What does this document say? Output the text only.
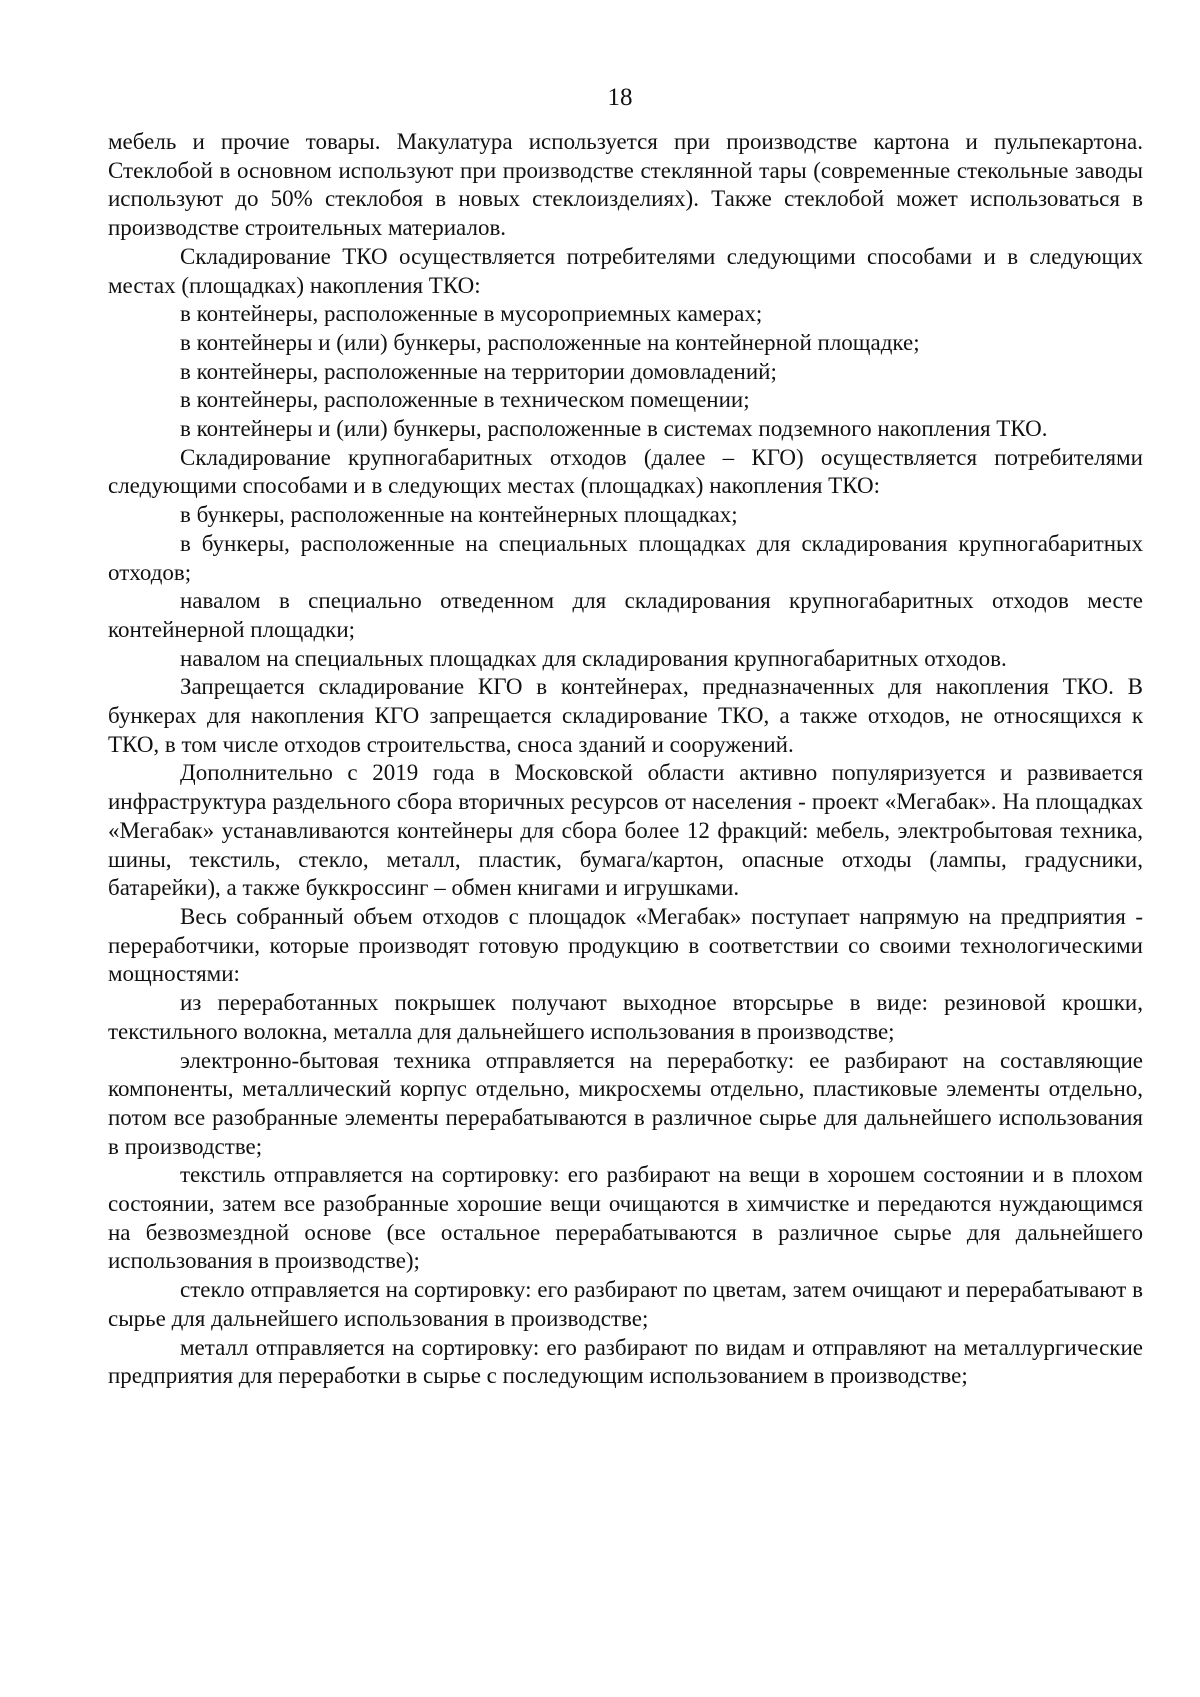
18

мебель и прочие товары. Макулатура используется при производстве картона и пульпекартона. Стеклобой в основном используют при производстве стеклянной тары (современные стекольные заводы используют до 50% стеклобоя в новых стеклоизделиях). Также стеклобой может использоваться в производстве строительных материалов.

Складирование ТКО осуществляется потребителями следующими способами и в следующих местах (площадках) накопления ТКО:

в контейнеры, расположенные в мусороприемных камерах;

в контейнеры и (или) бункеры, расположенные на контейнерной площадке;

в контейнеры, расположенные на территории домовладений;

в контейнеры, расположенные в техническом помещении;

в контейнеры и (или) бункеры, расположенные в системах подземного накопления ТКО.

Складирование крупногабаритных отходов (далее – КГО) осуществляется потребителями следующими способами и в следующих местах (площадках) накопления ТКО:

в бункеры, расположенные на контейнерных площадках;

в бункеры, расположенные на специальных площадках для складирования крупногабаритных отходов;

навалом в специально отведенном для складирования крупногабаритных отходов месте контейнерной площадки;

навалом на специальных площадках для складирования крупногабаритных отходов.

Запрещается складирование КГО в контейнерах, предназначенных для накопления ТКО. В бункерах для накопления КГО запрещается складирование ТКО, а также отходов, не относящихся к ТКО, в том числе отходов строительства, сноса зданий и сооружений.

Дополнительно с 2019 года в Московской области активно популяризуется и развивается инфраструктура раздельного сбора вторичных ресурсов от населения - проект «Мегабак». На площадках «Мегабак» устанавливаются контейнеры для сбора более 12 фракций: мебель, электробытовая техника, шины, текстиль, стекло, металл, пластик, бумага/картон, опасные отходы (лампы, градусники, батарейки), а также буккроссинг – обмен книгами и игрушками.

Весь собранный объем отходов с площадок «Мегабак» поступает напрямую на предприятия - переработчики, которые производят готовую продукцию в соответствии со своими технологическими мощностями:

из переработанных покрышек получают выходное вторсырье в виде: резиновой крошки, текстильного волокна, металла для дальнейшего использования в производстве;

электронно-бытовая техника отправляется на переработку: ее разбирают на составляющие компоненты, металлический корпус отдельно, микросхемы отдельно, пластиковые элементы отдельно, потом все разобранные элементы перерабатываются в различное сырье для дальнейшего использования в производстве;

текстиль отправляется на сортировку: его разбирают на вещи в хорошем состоянии и в плохом состоянии, затем все разобранные хорошие вещи очищаются в химчистке и передаются нуждающимся на безвозмездной основе (все остальное перерабатываются в различное сырье для дальнейшего использования в производстве);

стекло отправляется на сортировку: его разбирают по цветам, затем очищают и перерабатывают в сырье для дальнейшего использования в производстве;

металл отправляется на сортировку: его разбирают по видам и отправляют на металлургические предприятия для переработки в сырье с последующим использованием в производстве;
